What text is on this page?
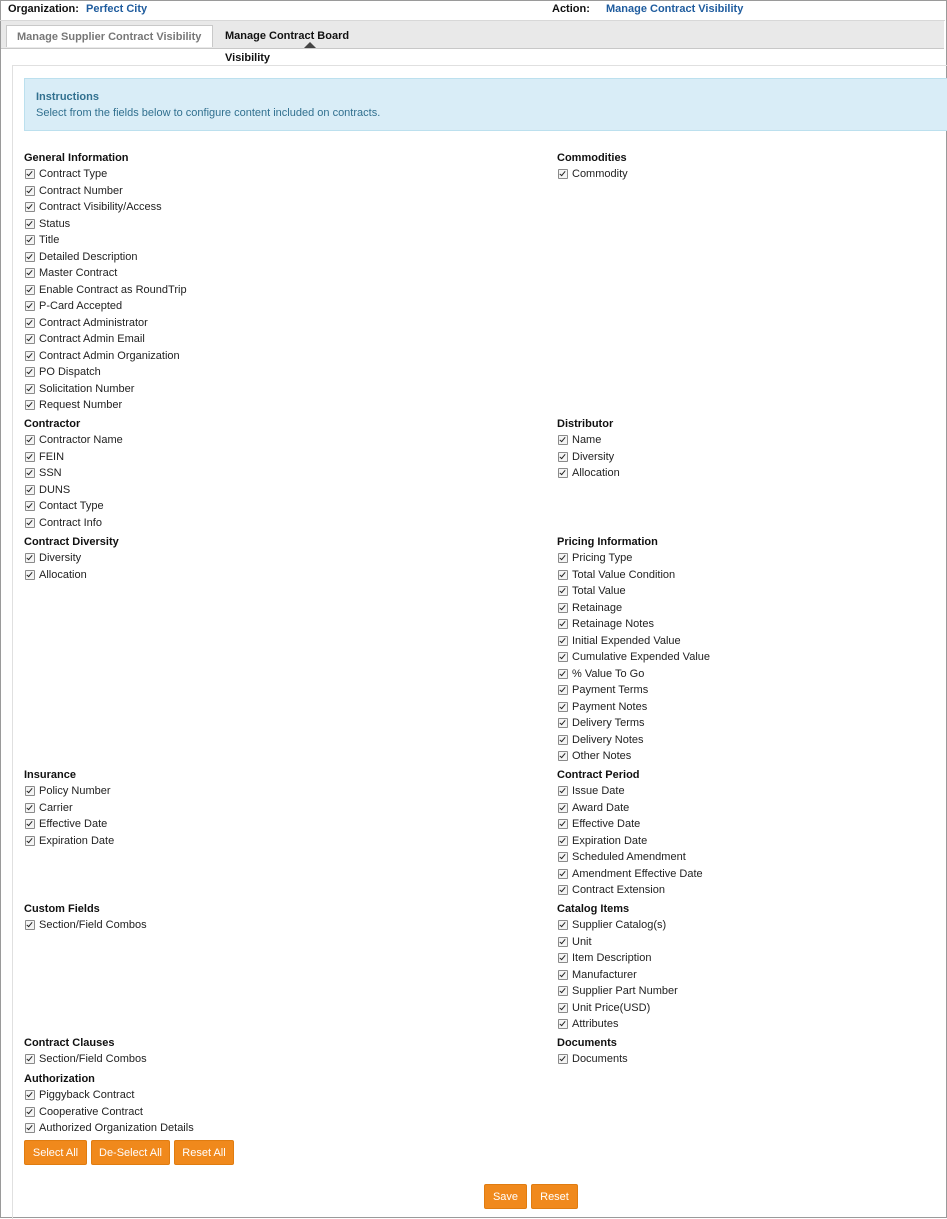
Organization: Perfect City	Action: Manage Contract Visibility
Manage Supplier Contract Visibility	Manage Contract Board Visibility
Instructions
Select from the fields below to configure content included on contracts.
General Information
Contract Type
Contract Number
Contract Visibility/Access
Status
Title
Detailed Description
Master Contract
Enable Contract as RoundTrip
P-Card Accepted
Contract Administrator
Contract Admin Email
Contract Admin Organization
PO Dispatch
Solicitation Number
Request Number
Commodities
Commodity
Contractor
Contractor Name
FEIN
SSN
DUNS
Contact Type
Contract Info
Distributor
Name
Diversity
Allocation
Contract Diversity
Diversity
Allocation
Pricing Information
Pricing Type
Total Value Condition
Total Value
Retainage
Retainage Notes
Initial Expended Value
Cumulative Expended Value
% Value To Go
Payment Terms
Payment Notes
Delivery Terms
Delivery Notes
Other Notes
Insurance
Policy Number
Carrier
Effective Date
Expiration Date
Contract Period
Issue Date
Award Date
Effective Date
Expiration Date
Scheduled Amendment
Amendment Effective Date
Contract Extension
Custom Fields
Section/Field Combos
Catalog Items
Supplier Catalog(s)
Unit
Item Description
Manufacturer
Supplier Part Number
Unit Price(USD)
Attributes
Contract Clauses
Section/Field Combos
Documents
Documents
Authorization
Piggyback Contract
Cooperative Contract
Authorized Organization Details
Select All	De-Select All	Reset All
Save	Reset
